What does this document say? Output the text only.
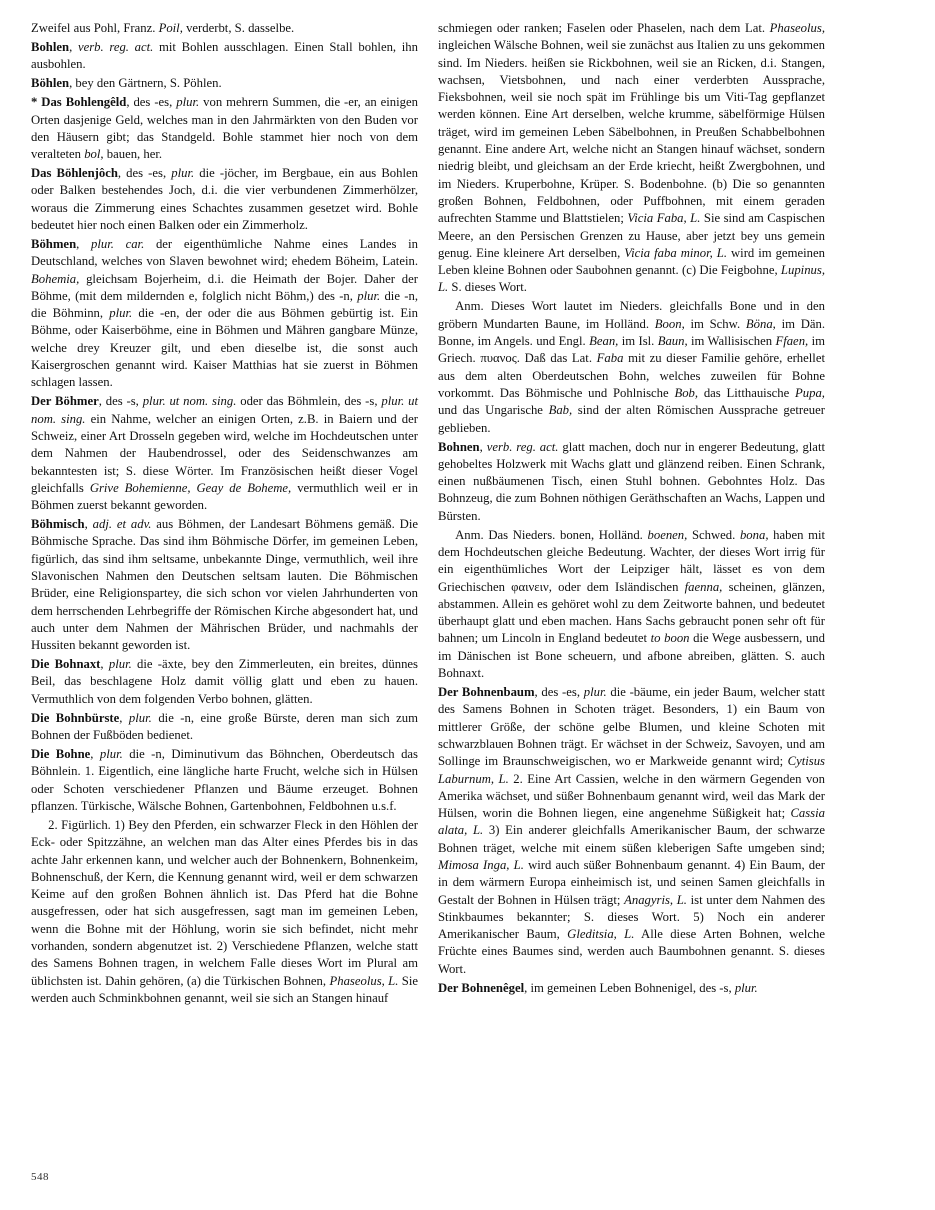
Zweifel aus Pohl, Franz. Poil, verderbt, S. dasselbe.

Bohlen, verb. reg. act. mit Bohlen ausschlagen. Einen Stall bohlen, ihn ausbohlen.

Böhlen, bey den Gärtnern, S. Pöhlen.

* Das Bohlengêld, des -es, plur. von mehrern Summen, die -er, an einigen Orten dasjenige Geld, welches man in den Jahrmärkten von den Buden vor den Häusern gibt; das Standgeld. Bohle stammet hier noch von dem veralteten bol, bauen, her.

Das Böhlenjôch, des -es, plur. die -jöcher, im Bergbaue, ein aus Bohlen oder Balken bestehendes Joch, d.i. die vier verbundenen Zimmerhölzer, woraus die Zimmerung eines Schachtes zusammen gesetzet wird. Bohle bedeutet hier noch einen Balken oder ein Zimmerholz.

Böhmen, plur. car. der eigenthümliche Nahme eines Landes in Deutschland, welches von Slaven bewohnet wird; ehedem Böheim, Latein. Bohemia, gleichsam Bojerheim, d.i. die Heimath der Bojer. Daher der Böhme, (mit dem mildernden e, folglich nicht Böhm,) des -n, plur. die -n, die Böhminn, plur. die -en, der oder die aus Böhmen gebürtig ist. Ein Böhme, oder Kaiserböhme, eine in Böhmen und Mähren gangbare Münze, welche drey Kreuzer gilt, und eben dieselbe ist, die sonst auch Kaisergroschen genannt wird. Kaiser Matthias hat sie zuerst in Böhmen schlagen lassen.

Der Böhmer, des -s, plur. ut nom. sing. oder das Böhmlein, des -s, plur. ut nom. sing. ein Nahme, welcher an einigen Orten, z.B. in Baiern und der Schweiz, einer Art Drosseln gegeben wird, welche im Hochdeutschen unter dem Nahmen der Haubendrossel, oder des Seidenschwanzes am bekanntesten ist; S. diese Wörter. Im Französischen heißt dieser Vogel gleichfalls Grive Bohemienne, Geay de Boheme, vermuthlich weil er in Böhmen zuerst bekannt geworden.

Böhmisch, adj. et adv. aus Böhmen, der Landesart Böhmens gemäß. Die Böhmische Sprache. Das sind ihm Böhmische Dörfer, im gemeinen Leben, figürlich, das sind ihm seltsame, unbekannte Dinge, vermuthlich, weil ihre Slavonischen Nahmen den Deutschen seltsam lauten. Die Böhmischen Brüder, eine Religionspartey, die sich schon vor vielen Jahrhunderten von dem herrschenden Lehrbegriffe der Römischen Kirche abgesondert hat, und auch unter dem Nahmen der Mährischen Brüder, und nachmahls der Hussiten bekannt geworden ist.

Die Bohnaxt, plur. die -äxte, bey den Zimmerleuten, ein breites, dünnes Beil, das beschlagene Holz damit völlig glatt und eben zu hauen. Vermuthlich von dem folgenden Verbo bohnen, glätten.

Die Bohnbürste, plur. die -n, eine große Bürste, deren man sich zum Bohnen der Fußböden bedienet.

Die Bohne, plur. die -n, Diminutivum das Böhnchen, Oberdeutsch das Böhnlein. 1. Eigentlich, eine längliche harte Frucht, welche sich in Hülsen oder Schoten verschiedener Pflanzen und Bäume erzeuget. Bohnen pflanzen. Türkische, Wälsche Bohnen, Gartenbohnen, Feldbohnen u.s.f.

2. Figürlich. 1) Bey den Pferden, ein schwarzer Fleck in den Höhlen der Eck- oder Spitzzähne, an welchen man das Alter eines Pferdes bis in das achte Jahr erkennen kann, und welcher auch der Bohnenkern, Bohnenkeim, Bohnenschuß, der Kern, die Kennung genannt wird, weil er dem schwarzen Keime auf den großen Bohnen ähnlich ist. Das Pferd hat die Bohne ausgefressen, oder hat sich ausgefressen, sagt man im gemeinen Leben, wenn die Bohne mit der Höhlung, worin sie sich befindet, nicht mehr vorhanden, sondern abgenutzet ist. 2) Verschiedene Pflanzen, welche statt des Samens Bohnen tragen, in welchem Falle dieses Wort im Plural am üblichsten ist. Dahin gehören, (a) die Türkischen Bohnen, Phaseolus, L. Sie werden auch Schminkbohnen genannt, weil sie sich an Stangen hinauf

schmiegen oder ranken; Faselen oder Phaselen, nach dem Lat. Phaseolus, ingleichen Wälsche Bohnen, weil sie zunächst aus Italien zu uns gekommen sind. Im Nieders. heißen sie Rickbohnen, weil sie an Ricken, d.i. Stangen, wachsen, Vietsbohnen, und nach einer verderbten Aussprache, Fieksbohnen, weil sie noch spät im Frühlinge bis um Viti-Tag gepflanzet werden können. Eine Art derselben, welche krumme, säbelförmige Hülsen träget, wird im gemeinen Leben Säbelbohnen, in Preußen Schabbelbohnen genannt. Eine andere Art, welche nicht an Stangen hinauf wächset, sondern niedrig bleibt, und gleichsam an der Erde kriecht, heißt Zwergbohnen, und im Nieders. Kruperbohne, Krüper. S. Bodenbohne. (b) Die so genannten großen Bohnen, Feldbohnen, oder Puffbohnen, mit einem geraden aufrechten Stamme und Blattstielen; Vicia Faba, L. Sie sind am Caspischen Meere, an den Persischen Grenzen zu Hause, aber jetzt bey uns gemein genug. Eine kleinere Art derselben, Vicia faba minor, L. wird im gemeinen Leben kleine Bohnen oder Saubohnen genannt. (c) Die Feigbohne, Lupinus, L. S. dieses Wort.

Anm. Dieses Wort lautet im Nieders. gleichfalls Bone und in den gröbern Mundarten Baune, im Holländ. Boon, im Schw. Böna, im Dän. Bonne, im Angels. und Engl. Bean, im Isl. Baun, im Wallisischen Ffaen, im Griech. πυανος. Daß das Lat. Faba mit zu dieser Familie gehöre, erhellet aus dem alten Oberdeutschen Bohn, welches zuweilen für Bohne vorkommt. Das Böhmische und Pohlnische Bob, das Litthauische Pupa, und das Ungarische Bab, sind der alten Römischen Aussprache getreuer geblieben.

Bohnen, verb. reg. act. glatt machen, doch nur in engerer Bedeutung, glatt gehobeltes Holzwerk mit Wachs glatt und glänzend reiben. Einen Schrank, einen nußbäumenen Tisch, einen Stuhl bohnen. Gebohntes Holz. Das Bohnzeug, die zum Bohnen nöthigen Geräthschaften an Wachs, Lappen und Bürsten.

Anm. Das Nieders. bonen, Holländ. boenen, Schwed. bona, haben mit dem Hochdeutschen gleiche Bedeutung. Wachter, der dieses Wort irrig für ein eigenthümliches Wort der Leipziger hält, lässet es von dem Griechischen φαινειν, oder dem Isländischen faenna, scheinen, glänzen, abstammen. Allein es gehöret wohl zu dem Zeitworte bahnen, und bedeutet überhaupt glatt und eben machen. Hans Sachs gebraucht ponen sehr oft für bahnen; um Lincoln in England bedeutet to boon die Wege ausbessern, und im Dänischen ist Bone scheuern, und afbone abreiben, glätten. S. auch Bohnaxt.

Der Bohnenbaum, des -es, plur. die -bäume, ein jeder Baum, welcher statt des Samens Bohnen in Schoten träget. Besonders, 1) ein Baum von mittlerer Größe, der schöne gelbe Blumen, und kleine Schoten mit schwarzblauen Bohnen trägt. Er wächset in der Schweiz, Savoyen, und am Sollinge im Braunschweigischen, wo er Markweide genannt wird; Cytisus Laburnum, L. 2. Eine Art Cassien, welche in den wärmern Gegenden von Amerika wächset, und süßer Bohnenbaum genannt wird, weil das Mark der Hülsen, worin die Bohnen liegen, eine angenehme Süßigkeit hat; Cassia alata, L. 3) Ein anderer gleichfalls Amerikanischer Baum, der schwarze Bohnen träget, welche mit einem süßen kleberigen Safte umgeben sind; Mimosa Inga, L. wird auch süßer Bohnenbaum genannt. 4) Ein Baum, der in dem wärmern Europa einheimisch ist, und seinen Samen gleichfalls in Gestalt der Bohnen in Hülsen trägt; Anagyris, L. ist unter dem Nahmen des Stinkbaumes bekannter; S. dieses Wort. 5) Noch ein anderer Amerikanischer Baum, Gleditsia, L. Alle diese Arten Bohnen, welche Früchte eines Baumes sind, werden auch Baumbohnen genannt. S. dieses Wort.

Der Bohnenêgel, im gemeinen Leben Bohnenigel, des -s, plur.

548
